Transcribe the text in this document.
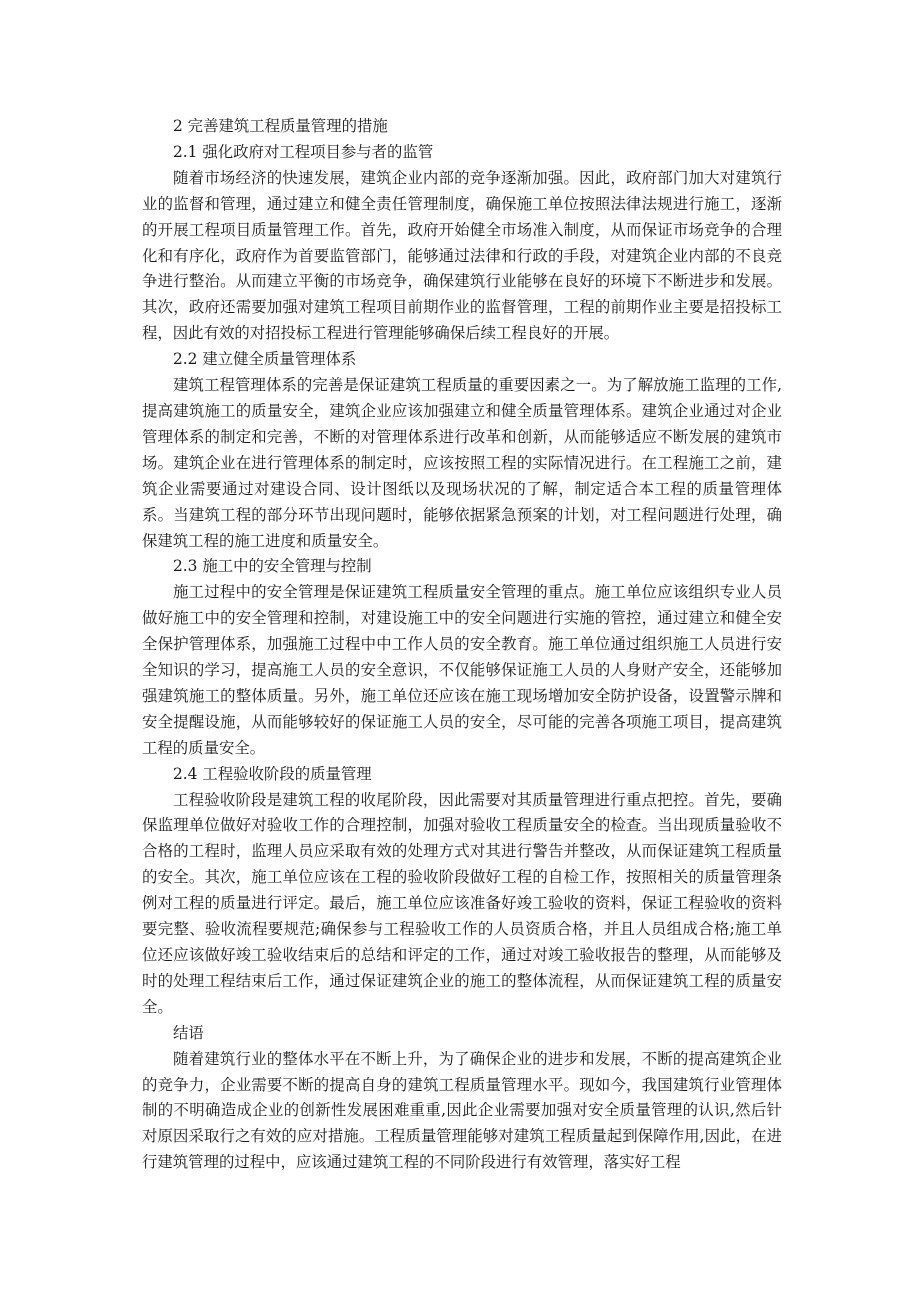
2 完善建筑工程质量管理的措施

2.1 强化政府对工程项目参与者的监管

随着市场经济的快速发展，建筑企业内部的竞争逐渐加强。因此，政府部门加大对建筑行业的监督和管理，通过建立和健全责任管理制度，确保施工单位按照法律法规进行施工，逐渐的开展工程项目质量管理工作。首先，政府开始健全市场准入制度，从而保证市场竞争的合理化和有序化，政府作为首要监管部门，能够通过法律和行政的手段，对建筑企业内部的不良竞争进行整治。从而建立平衡的市场竞争，确保建筑行业能够在良好的环境下不断进步和发展。其次，政府还需要加强对建筑工程项目前期作业的监督管理，工程的前期作业主要是招投标工程，因此有效的对招投标工程进行管理能够确保后续工程良好的开展。

2.2 建立健全质量管理体系

建筑工程管理体系的完善是保证建筑工程质量的重要因素之一。为了解放施工监理的工作,提高建筑施工的质量安全，建筑企业应该加强建立和健全质量管理体系。建筑企业通过对企业管理体系的制定和完善，不断的对管理体系进行改革和创新，从而能够适应不断发展的建筑市场。建筑企业在进行管理体系的制定时，应该按照工程的实际情况进行。在工程施工之前，建筑企业需要通过对建设合同、设计图纸以及现场状况的了解，制定适合本工程的质量管理体系。当建筑工程的部分环节出现问题时，能够依据紧急预案的计划，对工程问题进行处理，确保建筑工程的施工进度和质量安全。

2.3 施工中的安全管理与控制

施工过程中的安全管理是保证建筑工程质量安全管理的重点。施工单位应该组织专业人员做好施工中的安全管理和控制，对建设施工中的安全问题进行实施的管控，通过建立和健全安全保护管理体系，加强施工过程中中工作人员的安全教育。施工单位通过组织施工人员进行安全知识的学习，提高施工人员的安全意识，不仅能够保证施工人员的人身财产安全，还能够加强建筑施工的整体质量。另外，施工单位还应该在施工现场增加安全防护设备，设置警示牌和安全提醒设施，从而能够较好的保证施工人员的安全，尽可能的完善各项施工项目，提高建筑工程的质量安全。

2.4 工程验收阶段的质量管理

工程验收阶段是建筑工程的收尾阶段，因此需要对其质量管理进行重点把控。首先，要确保监理单位做好对验收工作的合理控制，加强对验收工程质量安全的检查。当出现质量验收不合格的工程时，监理人员应采取有效的处理方式对其进行警告并整改，从而保证建筑工程质量的安全。其次，施工单位应该在工程的验收阶段做好工程的自检工作，按照相关的质量管理条例对工程的质量进行评定。最后，施工单位应该准备好竣工验收的资料，保证工程验收的资料要完整、验收流程要规范;确保参与工程验收工作的人员资质合格，并且人员组成合格;施工单位还应该做好竣工验收结束后的总结和评定的工作，通过对竣工验收报告的整理，从而能够及时的处理工程结束后工作，通过保证建筑企业的施工的整体流程，从而保证建筑工程的质量安全。

结语

随着建筑行业的整体水平在不断上升，为了确保企业的进步和发展，不断的提高建筑企业的竞争力，企业需要不断的提高自身的建筑工程质量管理水平。现如今，我国建筑行业管理体制的不明确造成企业的创新性发展困难重重,因此企业需要加强对安全质量管理的认识,然后针对原因采取行之有效的应对措施。工程质量管理能够对建筑工程质量起到保障作用,因此，在进行建筑管理的过程中，应该通过建筑工程的不同阶段进行有效管理，落实好工程
